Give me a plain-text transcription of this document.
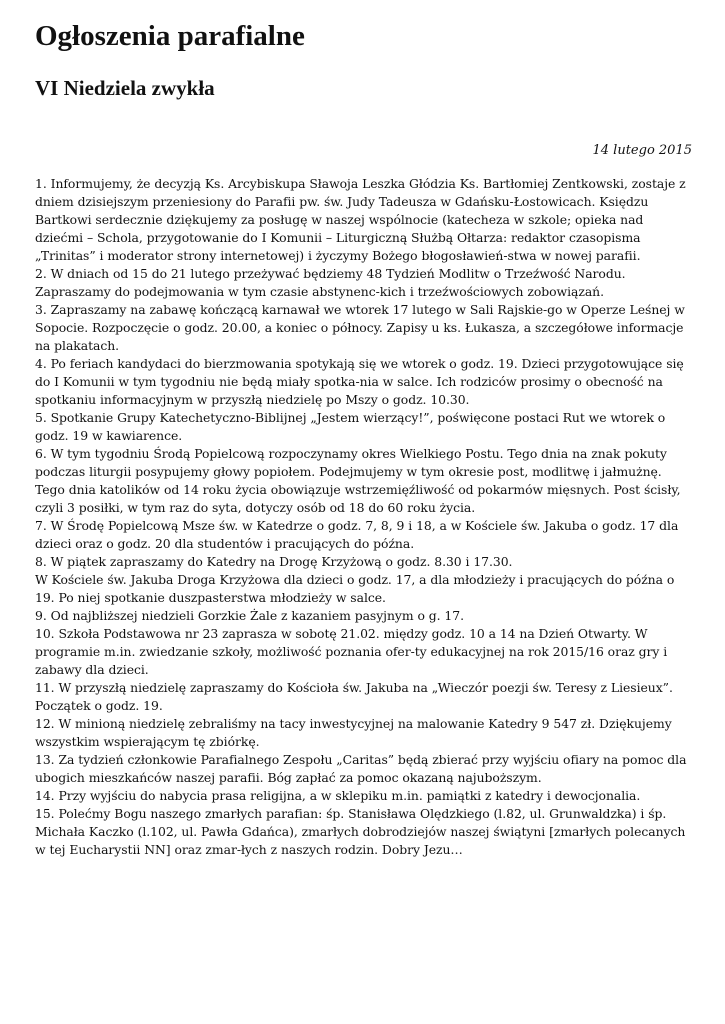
Ogłoszenia parafialne
VI Niedziela zwykła
14 lutego 2015

1. Informujemy, że decyzją Ks. Arcybiskupa Sławoja Leszka Głódzia Ks. Bartłomiej Zentkowski, zostaje z dniem dzisiejszym przeniesiony do Parafii pw. św. Judy Tadeusza w Gdańsku-Łostowicach. Księdzu Bartkowi serdecznie dziękujemy za posługę w naszej wspólnocie (katecheza w szkole; opieka nad dziećmi – Schola, przygotowanie do I Komunii – Liturgiczną Służbą Ołtarza: redaktor czasopisma „Trinitas” i moderator strony internetowej) i życzymy Bożego błogosławień-stwa w nowej parafii.

2. W dniach od 15 do 21 lutego przeżywać będziemy 48 Tydzień Modlitw o Trzeźwość Narodu. Zapraszamy do podejmowania w tym czasie abstynenc-kich i trzeźwościowych zobowiązań.

3. Zapraszamy na zabawę kończącą karnawał we wtorek 17 lutego w Sali Rajskie-go w Operze Leśnej w Sopocie. Rozpoczęcie o godz. 20.00, a koniec o północy. Zapisy u ks. Łukasza, a szczegółowe informacje na plakatach.

4. Po feriach kandydaci do bierzmowania spotykają się we wtorek o godz. 19. Dzieci przygotowujące się do I Komunii w tym tygodniu nie będą miały spotka-nia w salce. Ich rodziców prosimy o obecność na spotkaniu informacyjnym w przyszłą niedzielę po Mszy o godz. 10.30.

5. Spotkanie Grupy Katechetyczno-Biblijnej „Jestem wierzący!”, poświęcone postaci Rut we wtorek o godz. 19 w kawiarence.

6. W tym tygodniu Środą Popielcową rozpoczynamy okres Wielkiego Postu. Tego dnia na znak pokuty podczas liturgii posypujemy głowy popiołem. Podejmujemy w tym okresie post, modlitwę i jałmużnę. Tego dnia katolików od 14 roku życia obowiązuje wstrzemięźliwość od pokarmów mięsnych. Post ścisły, czyli 3 posiłki, w tym raz do syta, dotyczy osób od 18 do 60 roku życia.

7. W Środę Popielcową Msze św. w Katedrze o godz. 7, 8, 9 i 18, a w Kościele św. Jakuba o godz. 17 dla dzieci oraz o godz. 20 dla studentów i pracujących do późna.

8. W piątek zapraszamy do Katedry na Drogę Krzyżową o godz. 8.30 i 17.30.

W Kościele św. Jakuba Droga Krzyżowa dla dzieci o godz. 17, a dla młodzieży i pracujących do późna o 19. Po niej spotkanie duszpasterstwa młodzieży w salce.

9. Od najbliższej niedzieli Gorzkie Żale z kazaniem pasyjnym o g. 17.

10. Szkoła Podstawowa nr 23 zaprasza w sobotę 21.02. między godz. 10 a 14 na Dzień Otwarty. W programie m.in. zwiedzanie szkoły, możliwość poznania ofer-ty edukacyjnej na rok 2015/16 oraz gry i zabawy dla dzieci.

11. W przyszłą niedzielę zapraszamy do Kościoła św. Jakuba na „Wieczór poezji św. Teresy z Liesieux”. Początek o godz. 19.

12. W minioną niedzielę zebraliśmy na tacy inwestycyjnej na malowanie Katedry 9 547 zł. Dziękujemy wszystkim wspierającym tę zbiórkę.

13. Za tydzień członkowie Parafialnego Zespołu „Caritas” będą zbierać przy wyjściu ofiary na pomoc dla ubogich mieszkańców naszej parafii. Bóg zapłać za pomoc okazaną najuboższym.

14. Przy wyjściu do nabycia prasa religijna, a w sklepiku m.in. pamiątki z katedry i dewocjonalia.

15. Polećmy Bogu naszego zmarłych parafian: śp. Stanisława Olędzkiego (l.82, ul. Grunwaldzka) i śp. Michała Kaczko (l.102, ul. Pawła Gdańca), zmarłych dobrodziejów naszej świątyni [zmarłych polecanych w tej Eucharystii NN] oraz zmar-łych z naszych rodzin. Dobry Jezu…
